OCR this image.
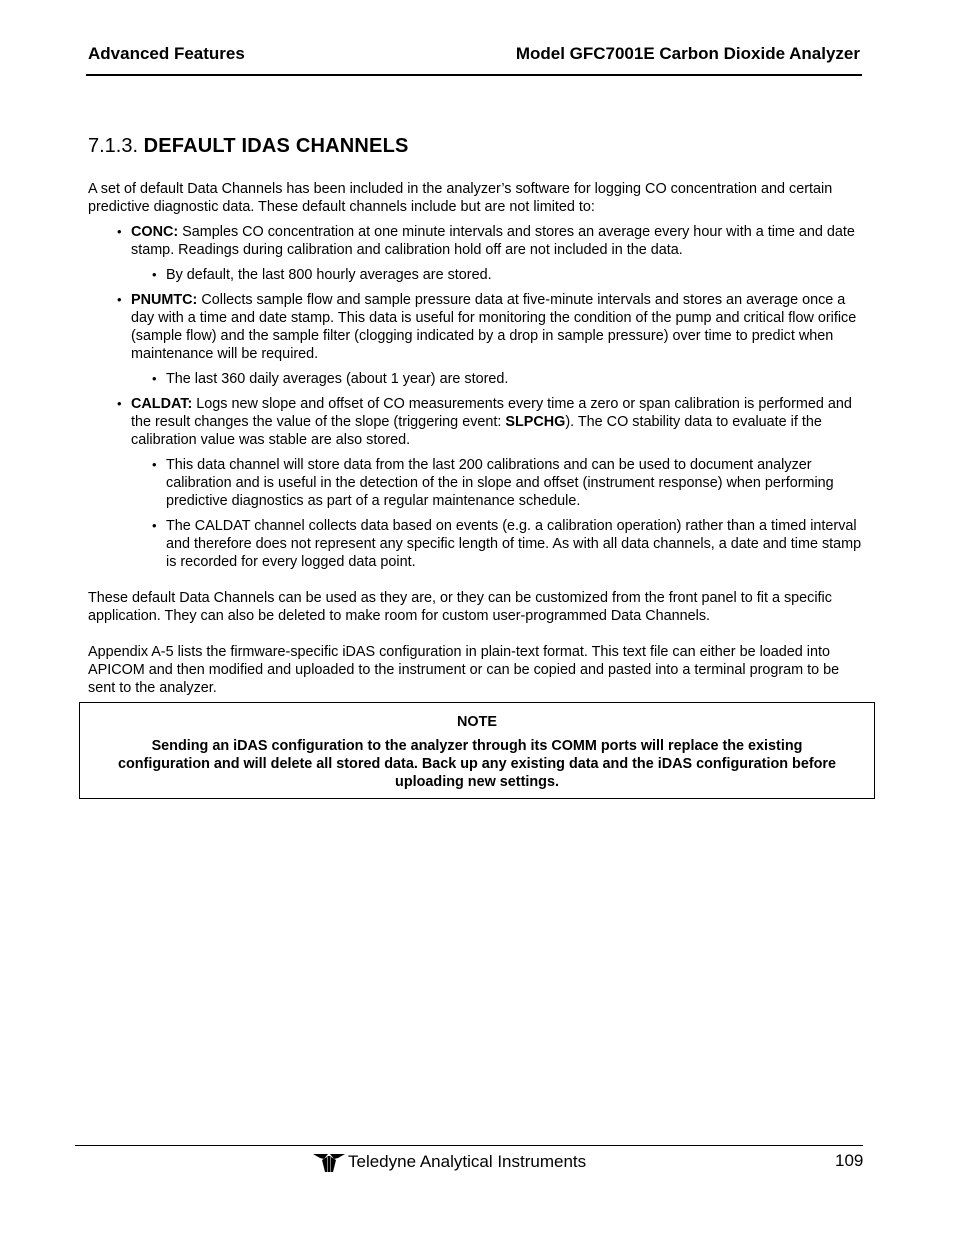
Advanced Features	Model GFC7001E Carbon Dioxide Analyzer
7.1.3. DEFAULT IDAS CHANNELS

A set of default Data Channels has been included in the analyzer’s software for logging CO concentration and certain predictive diagnostic data. These default channels include but are not limited to:

• CONC: Samples CO concentration at one minute intervals and stores an average every hour with a time and date stamp. Readings during calibration and calibration hold off are not included in the data.
• By default, the last 800 hourly averages are stored.
• PNUMTC: Collects sample flow and sample pressure data at five-minute intervals and stores an average once a day with a time and date stamp. This data is useful for monitoring the condition of the pump and critical flow orifice (sample flow) and the sample filter (clogging indicated by a drop in sample pressure) over time to predict when maintenance will be required.
• The last 360 daily averages (about 1 year) are stored.
• CALDAT: Logs new slope and offset of CO measurements every time a zero or span calibration is performed and the result changes the value of the slope (triggering event: SLPCHG). The CO stability data to evaluate if the calibration value was stable are also stored.
• This data channel will store data from the last 200 calibrations and can be used to document analyzer calibration and is useful in the detection of the in slope and offset (instrument response) when performing predictive diagnostics as part of a regular maintenance schedule.
• The CALDAT channel collects data based on events (e.g. a calibration operation) rather than a timed interval and therefore does not represent any specific length of time. As with all data channels, a date and time stamp is recorded for every logged data point.

These default Data Channels can be used as they are, or they can be customized from the front panel to fit a specific application. They can also be deleted to make room for custom user-programmed Data Channels.

Appendix A-5 lists the firmware-specific iDAS configuration in plain-text format. This text file can either be loaded into APICOM and then modified and uploaded to the instrument or can be copied and pasted into a terminal program to be sent to the analyzer.

NOTE
Sending an iDAS configuration to the analyzer through its COMM ports will replace the existing configuration and will delete all stored data. Back up any existing data and the iDAS configuration before uploading new settings.
Teledyne Analytical Instruments	109
